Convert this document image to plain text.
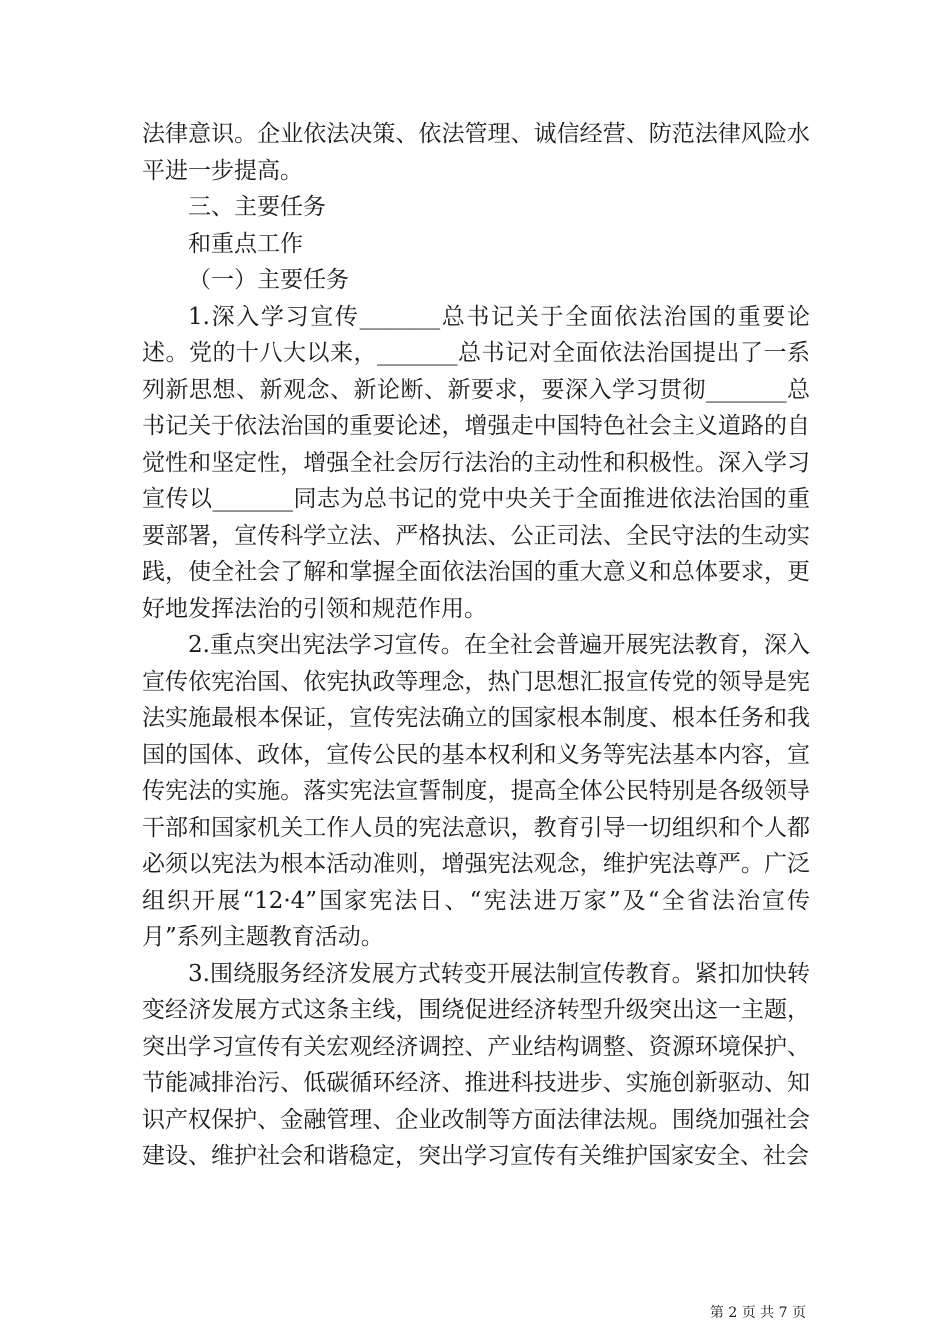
法律意识。企业依法决策、依法管理、诚信经营、防范法律风险水平进一步提高。

三、主要任务

和重点工作

（一）主要任务

1.深入学习宣传_______总书记关于全面依法治国的重要论述。党的十八大以来，_______总书记对全面依法治国提出了一系列新思想、新观念、新论断、新要求，要深入学习贯彻_______总书记关于依法治国的重要论述，增强走中国特色社会主义道路的自觉性和坚定性，增强全社会厉行法治的主动性和积极性。深入学习宣传以_______同志为总书记的党中央关于全面推进依法治国的重要部署，宣传科学立法、严格执法、公正司法、全民守法的生动实践，使全社会了解和掌握全面依法治国的重大意义和总体要求，更好地发挥法治的引领和规范作用。

2.重点突出宪法学习宣传。在全社会普遍开展宪法教育，深入宣传依宪治国、依宪执政等理念，热门思想汇报宣传党的领导是宪法实施最根本保证，宣传宪法确立的国家根本制度、根本任务和我国的国体、政体，宣传公民的基本权利和义务等宪法基本内容，宣传宪法的实施。落实宪法宣誓制度，提高全体公民特别是各级领导干部和国家机关工作人员的宪法意识，教育引导一切组织和个人都必须以宪法为根本活动准则，增强宪法观念，维护宪法尊严。广泛组织开展“12·4”国家宪法日、“宪法进万家”及“全省法治宣传月”系列主题教育活动。

3.围绕服务经济发展方式转变开展法制宣传教育。紧扣加快转变经济发展方式这条主线，围绕促进经济转型升级突出这一主题，突出学习宣传有关宏观经济调控、产业结构调整、资源环境保护、节能减排治污、低碳循环经济、推进科技进步、实施创新驱动、知识产权保护、金融管理、企业改制等方面法律法规。围绕加强社会建设、维护社会和谐稳定，突出学习宣传有关维护国家安全、社会

第 2 页 共 7 页
